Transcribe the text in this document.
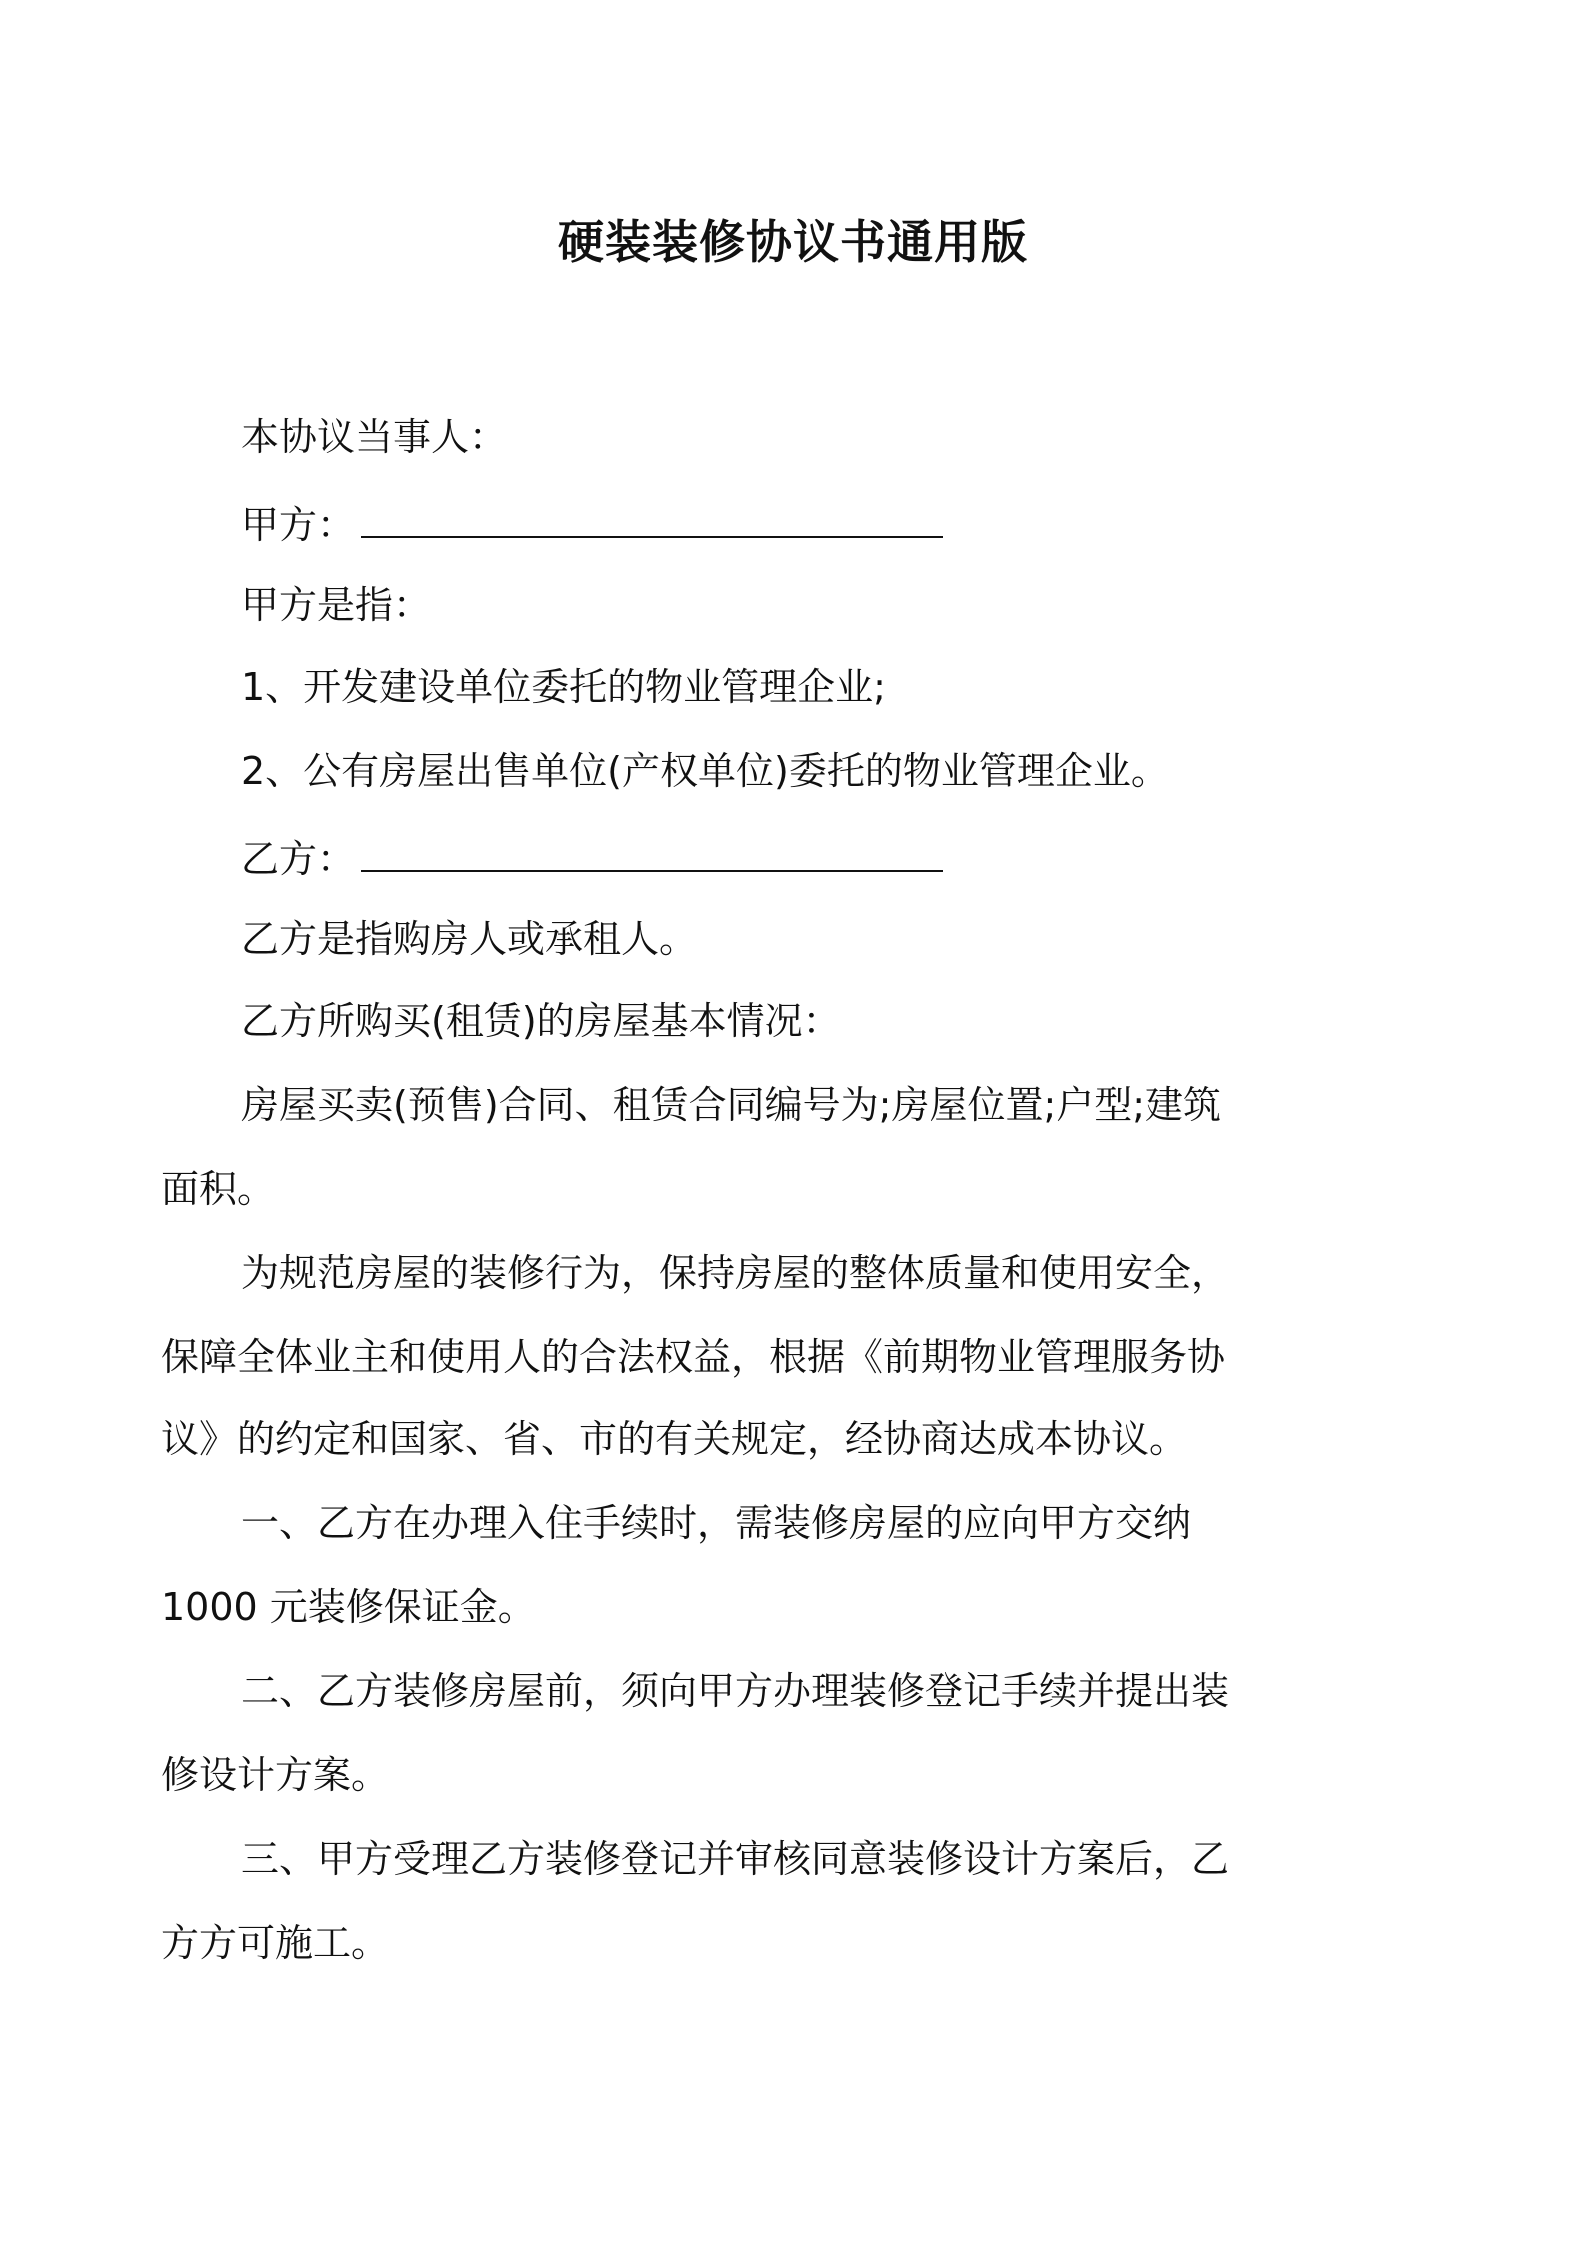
硬装装修协议书通用版
本协议当事人：
甲方：
甲方是指：
1、开发建设单位委托的物业管理企业;
2、公有房屋出售单位(产权单位)委托的物业管理企业。
乙方：
乙方是指购房人或承租人。
乙方所购买(租赁)的房屋基本情况：
房屋买卖(预售)合同、租赁合同编号为;房屋位置;户型;建筑
面积。
为规范房屋的装修行为，保持房屋的整体质量和使用安全，
保障全体业主和使用人的合法权益，根据《前期物业管理服务协
议》的约定和国家、省、市的有关规定，经协商达成本协议。
一、乙方在办理入住手续时，需装修房屋的应向甲方交纳
1000 元装修保证金。
二、乙方装修房屋前，须向甲方办理装修登记手续并提出装
修设计方案。
三、甲方受理乙方装修登记并审核同意装修设计方案后，乙
方方可施工。
